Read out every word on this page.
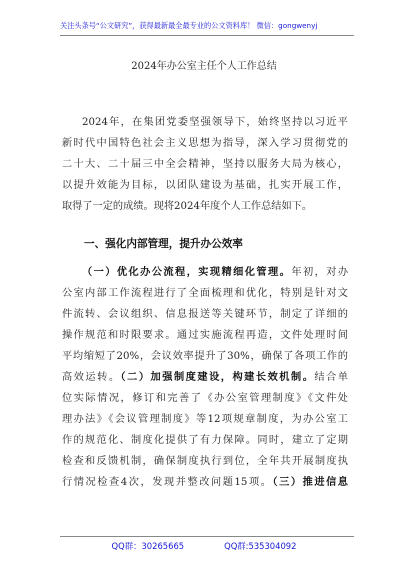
关注头条号“公文研究”，获得最新最全最专业的公文资料库！ 微信：gongwenyj
2024年办公室主任个人工作总结

2024年，在集团党委坚强领导下，始终坚持以习近平

新时代中国特色社会主义思想为指导，深入学习贯彻党的

二十大、二十届三中全会精神，坚持以服务大局为核心，

以提升效能为目标，以团队建设为基础，扎实开展工作，

取得了一定的成绩。现将2024年度个人工作总结如下。

一、强化内部管理，提升办公效率

（一）优化办公流程，实现精细化管理。年初，对办

公室内部工作流程进行了全面梳理和优化，特别是针对文

件流转、会议组织、信息报送等关键环节，制定了详细的

操作规范和时限要求。通过实施流程再造，文件处理时间

平均缩短了20%，会议效率提升了30%，确保了各项工作的

高效运转。（二）加强制度建设，构建长效机制。结合单

位实际情况，修订和完善了《办公室管理制度》《文件处

理办法》《会议管理制度》等12项规章制度，为办公室工

作的规范化、制度化提供了有力保障。同时，建立了定期

检查和反馈机制，确保制度执行到位，全年共开展制度执

行情况检查4次，发现并整改问题15项。（三）推进信息

QQ群：30265665	QQ群:535304092
